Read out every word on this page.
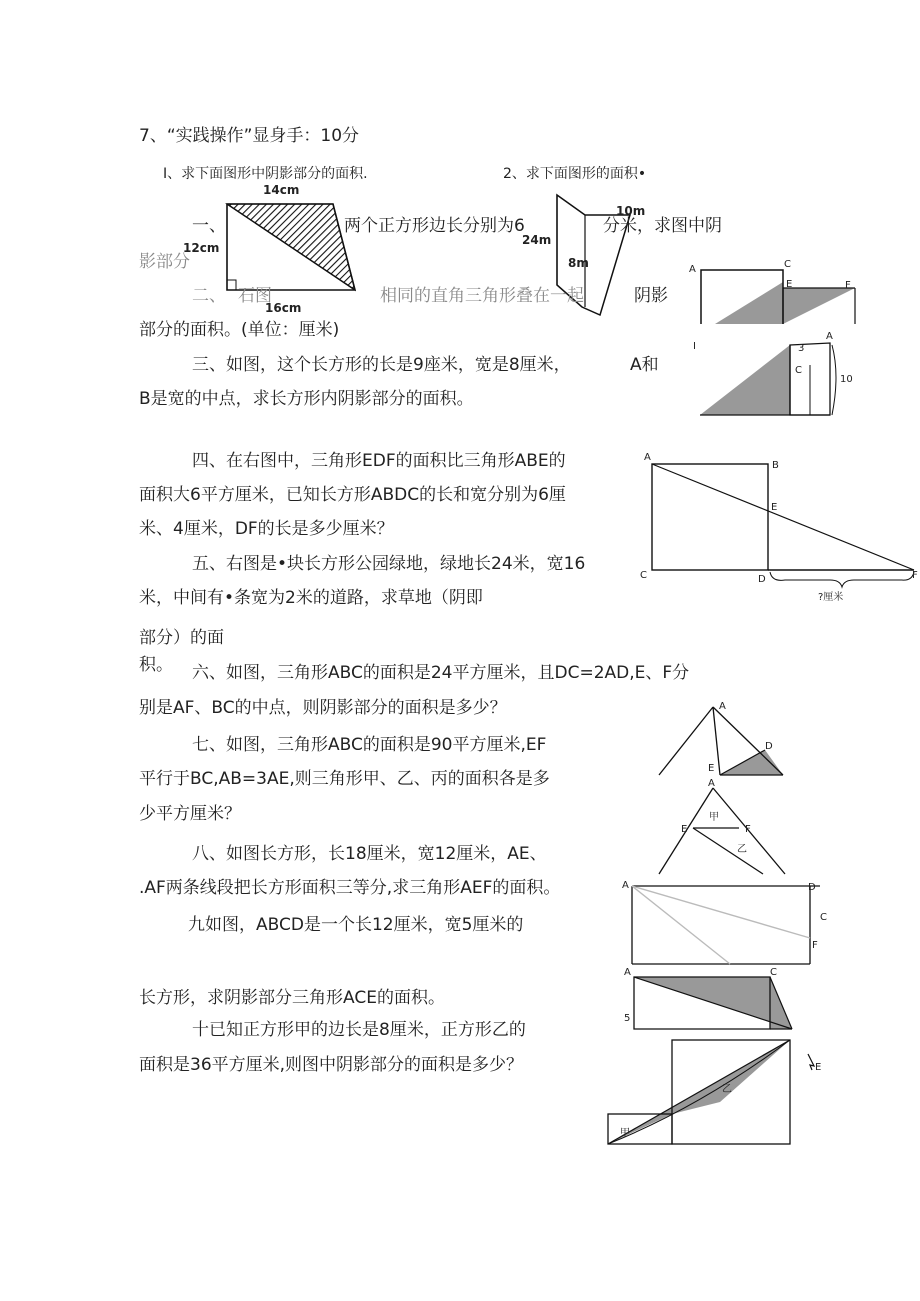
7、“实践操作”显身手：10分
I、求下面图形中阴影部分的面积.	2、求下面图形的面积•
14cm
12cm
16cm
10m
24m
8m
一、	两个正方形边长分别为6	分米，求图中阴
影部分
二、 石图	相同的直角三角形叠在一起	阴影
部分的面积。(单位：厘米)
A	C
E	F
I	3
C
A
10
三、如图，这个长方形的长是9座米，宽是8厘米，	A和
B是宽的中点，求长方形内阴影部分的面积。
四、在右图中，三角形EDF的面积比三角形ABE的
面积大6平方厘米，已知长方形ABDC的长和宽分别为6厘
米、4厘米，DF的长是多少厘米？
A
B
E
C	D	F
?厘米
五、右图是•块长方形公园绿地，绿地长24米，宽16
米，中间有•条宽为2米的道路，求草地（阴即
部分）的面
积。 六、如图，三角形ABC的面积是24平方厘米，且DC=2AD,E、F分
别是AF、BC的中点，则阴影部分的面积是多少？	A
D
E
七、如图，三角形ABC的面积是90平方厘米,EF
平行于BC,AB=3AE,则三角形甲、乙、丙的面积各是多
少平方厘米？
A
E	F
甲
乙
八、如图长方形，长18厘米，宽12厘米，AE、
.AF两条线段把长方形面积三等分,求三角形AEF的面积。	A	D
C
F
九如图，ABCD是一个长12厘米，宽5厘米的
长方形，求阴影部分三角形ACE的面积。
A	C
5
十已知正方形甲的边长是8厘米，正方形乙的
面积是36平方厘米,则图中阴影部分的面积是多少？
甲
乙
E
